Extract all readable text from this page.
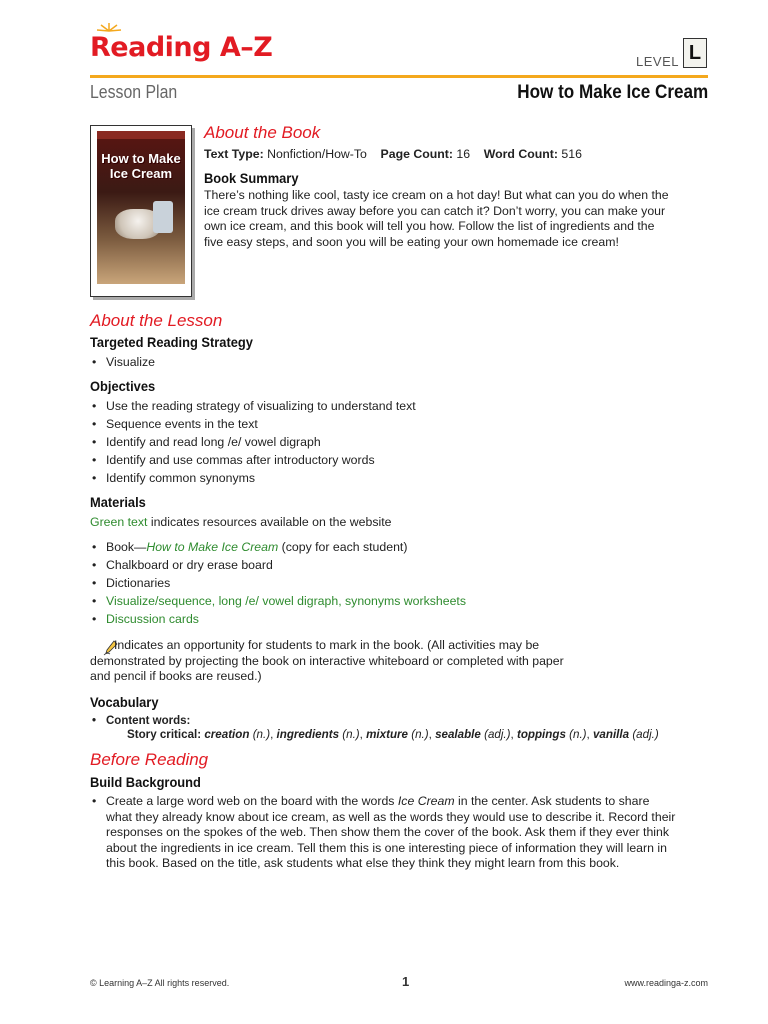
Reading A–Z	LEVEL L
Lesson Plan	How to Make Ice Cream
How to Make
Ice Cream
About the Book
Text Type: Nonfiction/How-To Page Count: 16 Word Count: 516
Book Summary
There’s nothing like cool, tasty ice cream on a hot day! But what can you do when the ice cream truck drives away before you can catch it? Don’t worry, you can make your own ice cream, and this book will tell you how. Follow the list of ingredients and the five easy steps, and soon you will be eating your own homemade ice cream!
About the Lesson
Targeted Reading Strategy
• Visualize
Objectives
• Use the reading strategy of visualizing to understand text
• Sequence events in the text
• Identify and read long /e/ vowel digraph
• Identify and use commas after introductory words
• Identify common synonyms
Materials
Green text indicates resources available on the website
• Book—How to Make Ice Cream (copy for each student)
• Chalkboard or dry erase board
• Dictionaries
• Visualize/sequence, long /e/ vowel digraph, synonyms worksheets
• Discussion cards
Indicates an opportunity for students to mark in the book. (All activities may be demonstrated by projecting the book on interactive whiteboard or completed with paper and pencil if books are reused.)
Vocabulary
• Content words:
Story critical: creation (n.), ingredients (n.), mixture (n.), sealable (adj.), toppings (n.), vanilla (adj.)
Before Reading
Build Background
• Create a large word web on the board with the words Ice Cream in the center. Ask students to share what they already know about ice cream, as well as the words they would use to describe it. Record their responses on the spokes of the web. Then show them the cover of the book. Ask them if they ever think about the ingredients in ice cream. Tell them this is one interesting piece of information they will learn in this book. Based on the title, ask students what else they think they might learn from this book.
© Learning A–Z All rights reserved.	1	www.readinga-z.com
